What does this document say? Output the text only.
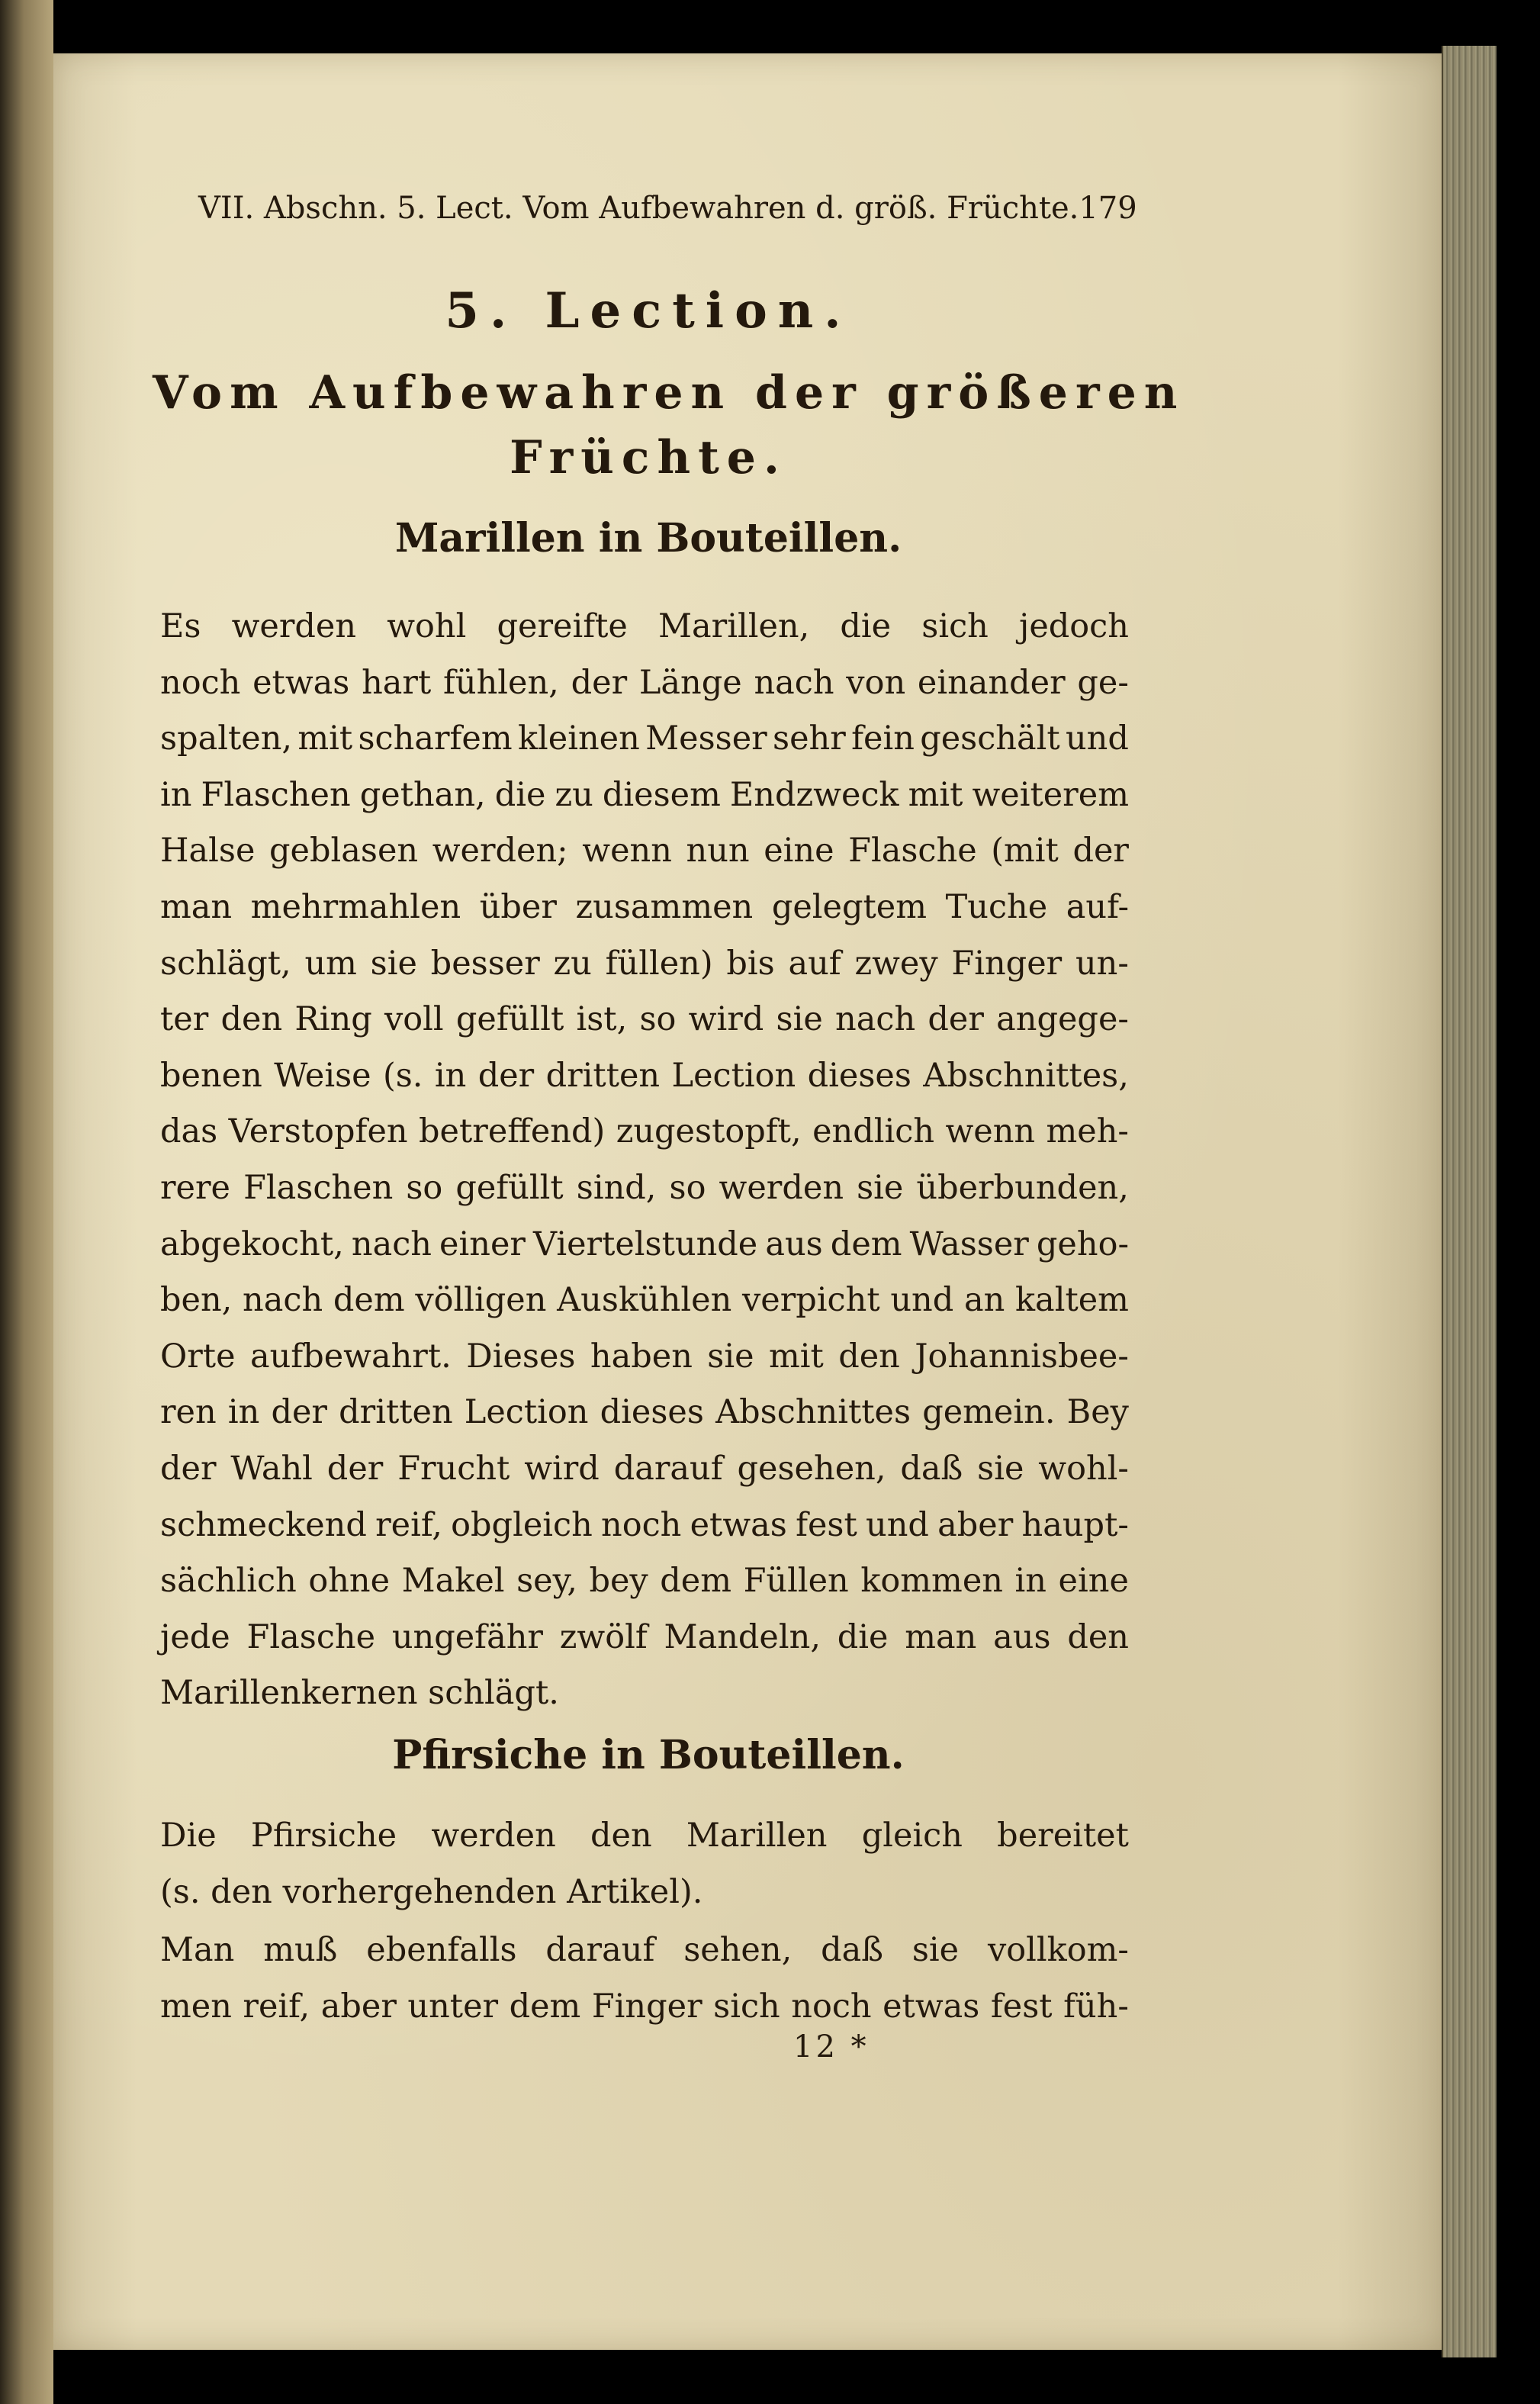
VII. Abschn. 5. Lect. Vom Aufbewahren d. größ. Früchte. 179
5. Lection.
Vom Aufbewahren der größeren
Früchte.
Marillen in Bouteillen.
Es werden wohl gereifte Marillen, die sich jedoch
noch etwas hart fühlen, der Länge nach von einander ge-
spalten, mit scharfem kleinen Messer sehr fein geschält und
in Flaschen gethan, die zu diesem Endzweck mit weiterem
Halse geblasen werden; wenn nun eine Flasche (mit der
man mehrmahlen über zusammen gelegtem Tuche auf-
schlägt, um sie besser zu füllen) bis auf zwey Finger un-
ter den Ring voll gefüllt ist, so wird sie nach der angege-
benen Weise (s. in der dritten Lection dieses Abschnittes,
das Verstopfen betreffend) zugestopft, endlich wenn meh-
rere Flaschen so gefüllt sind, so werden sie überbunden,
abgekocht, nach einer Viertelstunde aus dem Wasser geho-
ben, nach dem völligen Auskühlen verpicht und an kaltem
Orte aufbewahrt. Dieses haben sie mit den Johannisbee-
ren in der dritten Lection dieses Abschnittes gemein. Bey
der Wahl der Frucht wird darauf gesehen, daß sie wohl-
schmeckend reif, obgleich noch etwas fest und aber haupt-
sächlich ohne Makel sey, bey dem Füllen kommen in eine
jede Flasche ungefähr zwölf Mandeln, die man aus den
Marillenkernen schlägt.
Pfirsiche in Bouteillen.
Die Pfirsiche werden den Marillen gleich bereitet
(s. den vorhergehenden Artikel).
Man muß ebenfalls darauf sehen, daß sie vollkom-
men reif, aber unter dem Finger sich noch etwas fest füh-
12 *
